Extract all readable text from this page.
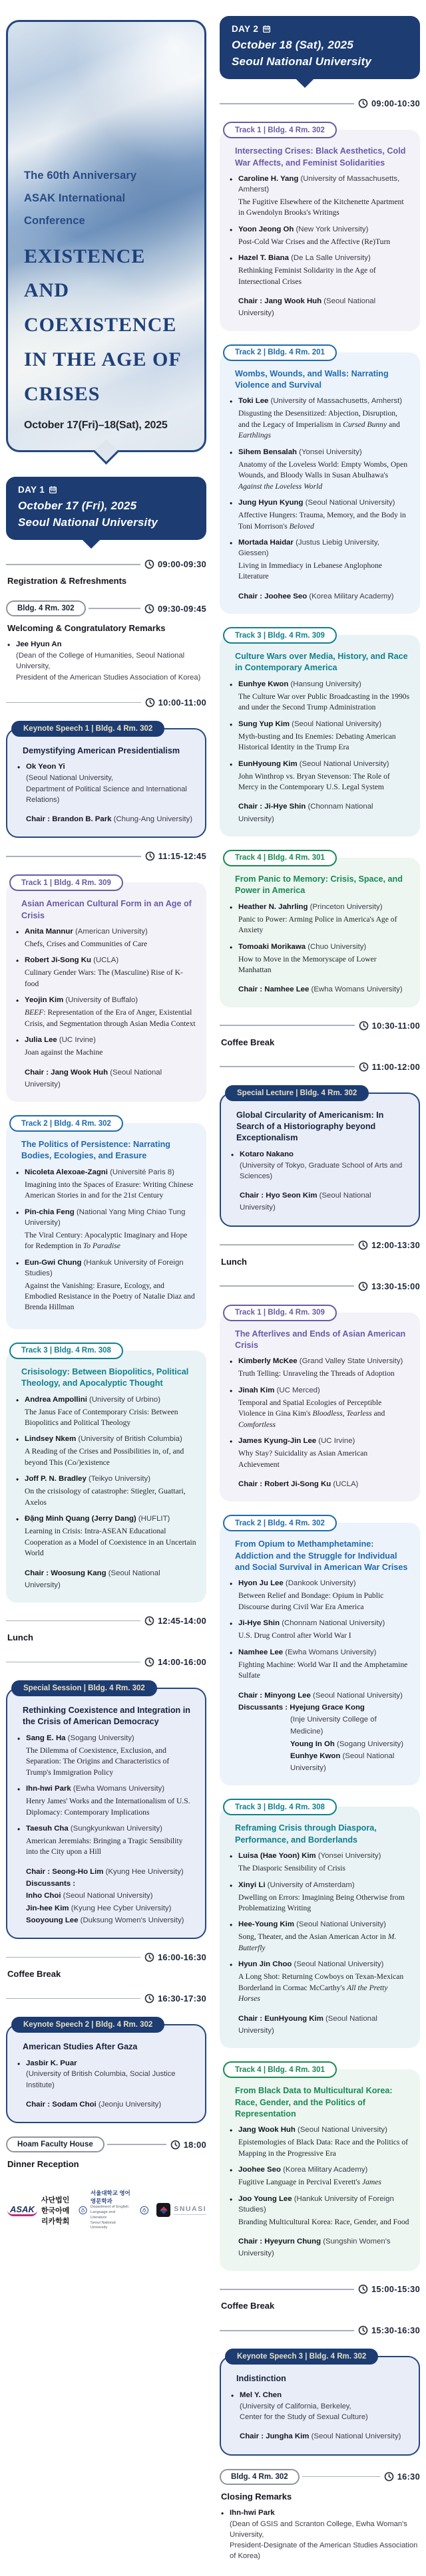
The 60th Anniversary
ASAK International Conference
EXISTENCE
AND
COEXISTENCE
IN THE AGE OF
CRISES
October 17(Fri)–18(Sat), 2025
DAY 1
October 17 (Fri), 2025
Seoul National University
09:00-09:30
Registration & Refreshments
Bldg. 4 Rm. 302	09:30-09:45
Welcoming & Congratulatory Remarks
• Jee Hyun An
(Dean of the College of Humanities, Seoul National University,
President of the American Studies Association of Korea)
10:00-11:00
Keynote Speech 1 | Bldg. 4 Rm. 302
Demystifying American Presidentialism
• Ok Yeon Yi
(Seoul National University,
Department of Political Science and International Relations)
Chair : Brandon B. Park (Chung-Ang University)
11:15-12:45
Track 1 | Bldg. 4 Rm. 309
Asian American Cultural Form in an Age of Crisis
• Anita Mannur (American University)
Chefs, Crises and Communities of Care
• Robert Ji-Song Ku (UCLA)
Culinary Gender Wars: The (Masculine) Rise of K-food
• Yeojin Kim (University of Buffalo)
BEEF: Representation of the Era of Anger, Existential Crisis, and Segmentation through Asian Media Context
• Julia Lee (UC Irvine)
Joan against the Machine
Chair : Jang Wook Huh (Seoul National University)
Track 2 | Bldg. 4 Rm. 302
The Politics of Persistence: Narrating Bodies, Ecologies, and Erasure
• Nicoleta Alexoae-Zagni (Université Paris 8)
Imagining into the Spaces of Erasure: Writing Chinese American Stories in and for the 21st Century
• Pin-chia Feng (National Yang Ming Chiao Tung University)
The Viral Century: Apocalyptic Imaginary and Hope for Redemption in To Paradise
• Eun-Gwi Chung (Hankuk University of Foreign Studies)
Against the Vanishing: Erasure, Ecology, and Embodied Resistance in the Poetry of Natalie Diaz and Brenda Hillman
Track 3 | Bldg. 4 Rm. 308
Crisisology: Between Biopolitics, Political Theology, and Apocalyptic Thought
• Andrea Ampollini (University of Urbino)
The Janus Face of Contemporary Crisis: Between Biopolitics and Political Theology
• Lindsey Nkem (University of British Columbia)
A Reading of the Crises and Possibilities in, of, and beyond This (Co/)existence
• Joff P. N. Bradley (Teikyo University)
On the crisisology of catastrophe: Stiegler, Guattari, Axelos
• Đặng Minh Quang (Jerry Dang) (HUFLIT)
Learning in Crisis: Intra-ASEAN Educational Cooperation as a Model of Coexistence in an Uncertain World
Chair : Woosung Kang (Seoul National University)
12:45-14:00
Lunch
14:00-16:00
Special Session | Bldg. 4 Rm. 302
Rethinking Coexistence and Integration in the Crisis of American Democracy
• Sang E. Ha (Sogang University)
The Dilemma of Coexistence, Exclusion, and Separation: The Origins and Characteristics of Trump's Immigration Policy
• Ihn-hwi Park (Ewha Womans University)
Henry James' Works and the Internationalism of U.S. Diplomacy: Contemporary Implications
• Taesuh Cha (Sungkyunkwan University)
American Jeremiahs: Bringing a Tragic Sensibility into the City upon a Hill
Chair : Seong-Ho Lim (Kyung Hee University)
Discussants :
Inho Choi (Seoul National University)
Jin-hee Kim (Kyung Hee Cyber University)
Sooyoung Lee (Duksung Women's University)
16:00-16:30
Coffee Break
16:30-17:30
Keynote Speech 2 | Bldg. 4 Rm. 302
American Studies After Gaza
• Jasbir K. Puar
(University of British Columbia, Social Justice Institute)
Chair : Sodam Choi (Jeonju University)
Hoam Faculty House	18:00
Dinner Reception
ASAK
사단법인 한국아메리카학회
서울대학교 영어영문학과
Department of English Language and Literature
Seoul National University
SNUASI
DAY 2
October 18 (Sat), 2025
Seoul National University
09:00-10:30
Track 1 | Bldg. 4 Rm. 302
Intersecting Crises: Black Aesthetics, Cold War Affects, and Feminist Solidarities
• Caroline H. Yang (University of Massachusetts, Amherst)
The Fugitive Elsewhere of the Kitchenette Apartment in Gwendolyn Brooks's Writings
• Yoon Jeong Oh (New York University)
Post-Cold War Crises and the Affective (Re)Turn
• Hazel T. Biana (De La Salle University)
Rethinking Feminist Solidarity in the Age of Intersectional Crises
Chair : Jang Wook Huh (Seoul National University)
Track 2 | Bldg. 4 Rm. 201
Wombs, Wounds, and Walls: Narrating Violence and Survival
• Toki Lee (University of Massachusetts, Amherst)
Disgusting the Desensitized: Abjection, Disruption, and the Legacy of Imperialism in Cursed Bunny and Earthlings
• Sihem Bensalah (Yonsei University)
Anatomy of the Loveless World: Empty Wombs, Open Wounds, and Bloody Walls in Susan Abulhawa's Against the Loveless World
• Jung Hyun Kyung (Seoul National University)
Affective Hungers: Trauma, Memory, and the Body in Toni Morrison's Beloved
• Mortada Haidar (Justus Liebig University, Giessen)
Living in Immediacy in Lebanese Anglophone Literature
Chair : Joohee Seo (Korea Military Academy)
Track 3 | Bldg. 4 Rm. 309
Culture Wars over Media, History, and Race in Contemporary America
• Eunhye Kwon (Hansung University)
The Culture War over Public Broadcasting in the 1990s and under the Second Trump Administration
• Sung Yup Kim (Seoul National University)
Myth-busting and Its Enemies: Debating American Historical Identity in the Trump Era
• EunHyoung Kim (Seoul National University)
John Winthrop vs. Bryan Stevenson: The Role of Mercy in the Contemporary U.S. Legal System
Chair : Ji-Hye Shin (Chonnam National University)
Track 4 | Bldg. 4 Rm. 301
From Panic to Memory: Crisis, Space, and Power in America
• Heather N. Jahrling (Princeton University)
Panic to Power: Arming Police in America's Age of Anxiety
• Tomoaki Morikawa (Chuo University)
How to Move in the Memoryscape of Lower Manhattan
Chair : Namhee Lee (Ewha Womans University)
10:30-11:00
Coffee Break
11:00-12:00
Special Lecture | Bldg. 4 Rm. 302
Global Circularity of Americanism: In Search of a Historiography beyond Exceptionalism
• Kotaro Nakano
(University of Tokyo, Graduate School of Arts and Sciences)
Chair : Hyo Seon Kim (Seoul National University)
12:00-13:30
Lunch
13:30-15:00
Track 1 | Bldg. 4 Rm. 309
The Afterlives and Ends of Asian American Crisis
• Kimberly McKee (Grand Valley State University)
Truth Telling: Unraveling the Threads of Adoption
• Jinah Kim (UC Merced)
Temporal and Spatial Ecologies of Perceptible Violence in Gina Kim's Bloodless, Tearless and Comfortless
• James Kyung-Jin Lee (UC Irvine)
Why Stay? Suicidality as Asian American Achievement
Chair : Robert Ji-Song Ku (UCLA)
Track 2 | Bldg. 4 Rm. 302
From Opium to Methamphetamine: Addiction and the Struggle for Individual and Social Survival in American War Crises
• Hyon Ju Lee (Dankook University)
Between Relief and Bondage: Opium in Public Discourse during Civil War Era America
• Ji-Hye Shin (Chonnam National University)
U.S. Drug Control after World War I
• Namhee Lee (Ewha Womans University)
Fighting Machine: World War II and the Amphetamine Sulfate
Chair : Minyong Lee (Seoul National University)
Discussants : Hyejung Grace Kong
(Inje University College of Medicine)
Young In Oh (Sogang University)
Eunhye Kwon (Seoul National University)
Track 3 | Bldg. 4 Rm. 308
Reframing Crisis through Diaspora, Performance, and Borderlands
• Luisa (Hae Yoon) Kim (Yonsei University)
The Diasporic Sensibility of Crisis
• Xinyi Li (University of Amsterdam)
Dwelling on Errors: Imagining Being Otherwise from Problematizing Writing
• Hee-Young Kim (Seoul National University)
Song, Theater, and the Asian American Actor in M. Butterfly
• Hyun Jin Choo (Seoul National University)
A Long Shot: Returning Cowboys on Texan-Mexican Borderland in Cormac McCarthy's All the Pretty Horses
Chair : EunHyoung Kim (Seoul National University)
Track 4 | Bldg. 4 Rm. 301
From Black Data to Multicultural Korea: Race, Gender, and the Politics of Representation
• Jang Wook Huh (Seoul National University)
Epistemologies of Black Data: Race and the Politics of Mapping in the Progressive Era
• Joohee Seo (Korea Military Academy)
Fugitive Language in Percival Everett's James
• Joo Young Lee (Hankuk University of Foreign Studies)
Branding Multicultural Korea: Race, Gender, and Food
Chair : Hyeyurn Chung (Sungshin Women's University)
15:00-15:30
Coffee Break
15:30-16:30
Keynote Speech 3 | Bldg. 4 Rm. 302
Indistinction
• Mel Y. Chen
(University of California, Berkeley,
Center for the Study of Sexual Culture)
Chair : Jungha Kim (Seoul National University)
Bldg. 4 Rm. 302	16:30
Closing Remarks
• Ihn-hwi Park
(Dean of GSIS and Scranton College, Ewha Woman's University,
President-Designate of the American Studies Association of Korea)
